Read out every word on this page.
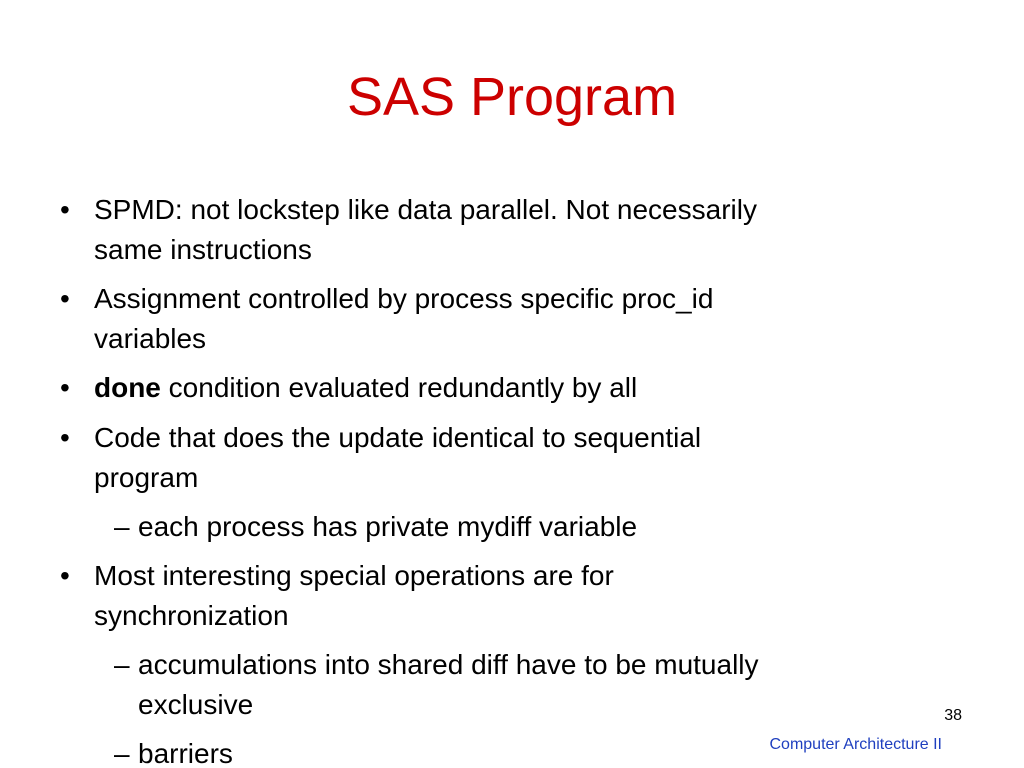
SAS Program
• SPMD: not lockstep like data parallel. Not necessarily
same instructions
• Assignment controlled by process specific proc_id
variables
• done condition evaluated redundantly by all
• Code that does the update identical to sequential
program
– each process has private mydiff variable
• Most interesting special operations are for
synchronization
– accumulations into shared diff have to be mutually
exclusive
– barriers
38
Computer Architecture II
